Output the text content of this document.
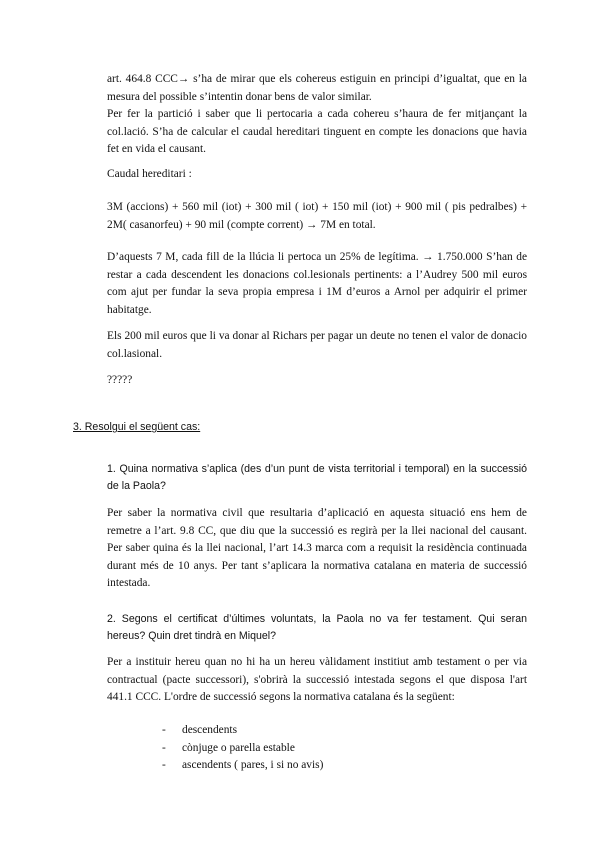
art. 464.8 CCC→ s’ha de mirar que els cohereus estiguin en principi d’igualtat, que en la mesura del possible s’intentin donar bens de valor similar.

Per fer la partició i saber que li pertocaria a cada cohereu s’haura de fer mitjançant la col.lació. S’ha de calcular el caudal hereditari tinguent en compte les donacions que havia fet en vida el causant.

Caudal hereditari :

3M (accions) + 560 mil (iot) + 300 mil ( iot) + 150 mil (iot) + 900 mil ( pis pedralbes) + 2M( casanorfeu) + 90 mil (compte corrent) → 7M en total.

D’aquests 7 M, cada fill de la llúcia li pertoca un 25% de legítima. → 1.750.000 S’han de restar a cada descendent les donacions col.lesionals pertinents: a l’Audrey 500 mil euros com ajut per fundar la seva propia empresa i 1M d’euros a Arnol per adquirir el primer habitatge.

Els 200 mil euros que li va donar al Richars per pagar un deute no tenen el valor de donacio col.lasional.

?????

3. Resolgui el següent cas:

1. Quina normativa s’aplica (des d’un punt de vista territorial i temporal) en la successió de la Paola?

Per saber la normativa civil que resultaria d’aplicació en aquesta situació ens hem de remetre a l’art. 9.8 CC, que diu que la successió es regirà per la llei nacional del causant. Per saber quina és la llei nacional, l’art 14.3 marca com a requisit la residència continuada durant més de 10 anys. Per tant s’aplicara la normativa catalana en materia de successió intestada.

2. Segons el certificat d’últimes voluntats, la Paola no va fer testament. Qui seran hereus? Quin dret tindrà en Miquel?

Per a instituir hereu quan no hi ha un hereu vàlidament institiut amb testament o per via contractual (pacte successori), s'obrirà la successió intestada segons el que disposa l'art 441.1 CCC. L'ordre de successió segons la normativa catalana és la següent:

- descendents
- cònjuge o parella estable
- ascendents ( pares, i si no avis)
